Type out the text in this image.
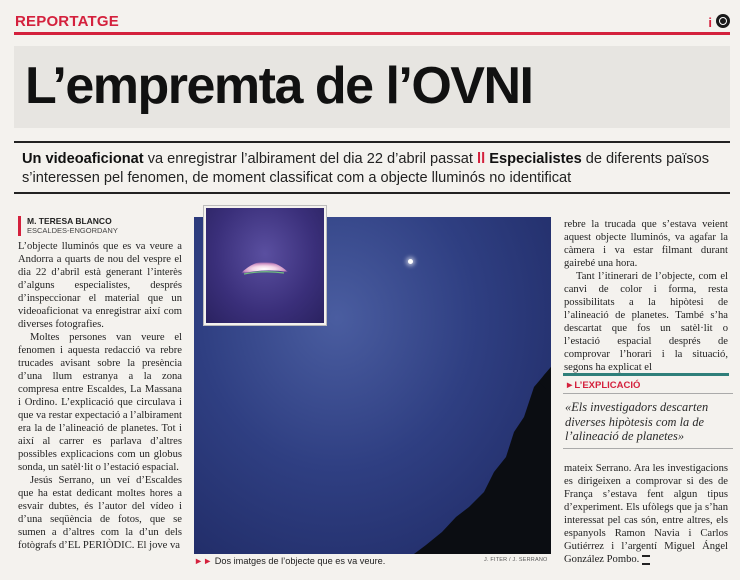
REPORTATGE	i
L’empremta de l’OVNI

Un videoaficionat va enregistrar l’albirament del dia 22 d’abril passat ll Especialistes de diferents països s’interessen pel fenomen, de moment classificat com a objecte lluminós no identificat

M. TERESA BLANCO
ESCALDES-ENGORDANY

L’objecte lluminós que es va veure a Andorra a quarts de nou del vespre el dia 22 d’abril està generant l’interès d’alguns especialistes, després d’inspeccionar el material que un videoaficionat va enregistrar així com diverses fotografies.

Moltes persones van veure el fenomen i aquesta redacció va rebre trucades avisant sobre la presència d’una llum estranya a la zona compresa entre Escaldes, La Massana i Ordino. L’explicació que circulava i que va restar expectació a l’albirament era la de l’alineació de planetes. Tot i així al carrer es parlava d’altres possibles explicacions com un globus sonda, un satèl·lit o l’estació espacial.

Jesús Serrano, un veí d’Escaldes que ha estat dedicant moltes hores a esvair dubtes, és l’autor del vídeo i d’una seqüència de fotos, que se sumen a d’altres com la d’un dels fotògrafs d’EL PERIÒDIC. El jove va

►► Dos imatges de l’objecte que es va veure.	J. FITER / J. SERRANO

rebre la trucada que s’estava veient aquest objecte lluminós, va agafar la càmera i va estar filmant durant gairebé una hora.

Tant l’itinerari de l’objecte, com el canvi de color i forma, resta possibilitats a la hipòtesi de l’alineació de planetes. També s’ha descartat que fos un satèl·lit o l’estació espacial després de comprovar l’horari i la situació, segons ha explicat el

►L’EXPLICACIÓ

«Els investigadors descarten diverses hipòtesis com la de l’alineació de planetes»

mateix Serrano. Ara les investigacions es dirigeixen a comprovar si des de França s’estava fent algun tipus d’experiment. Els ufòlegs que ja s’han interessat pel cas són, entre altres, els espanyols Ramon Navia i Carlos Gutiérrez i l’argentí Miguel Ángel González Pombo.
